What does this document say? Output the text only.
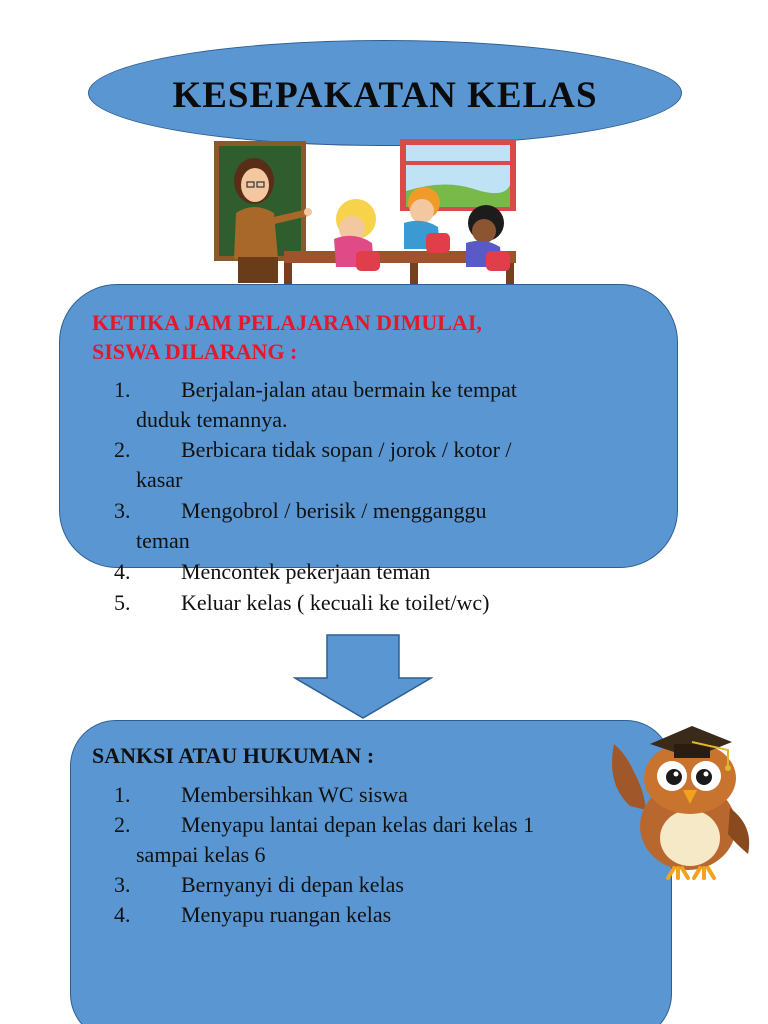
KESEPAKATAN KELAS
KETIKA JAM PELAJARAN DIMULAI,
SISWA DILARANG :
1. Berjalan-jalan atau bermain ke tempat
duduk temannya.
2. Berbicara tidak sopan / jorok / kotor /
kasar
3. Mengobrol / berisik / mengganggu
teman
4. Mencontek pekerjaan teman
5. Keluar kelas ( kecuali ke toilet/wc)
SANKSI ATAU HUKUMAN :
1. Membersihkan WC siswa
2. Menyapu lantai depan kelas dari kelas 1
sampai kelas 6
3. Bernyanyi di depan kelas
4. Menyapu ruangan kelas
